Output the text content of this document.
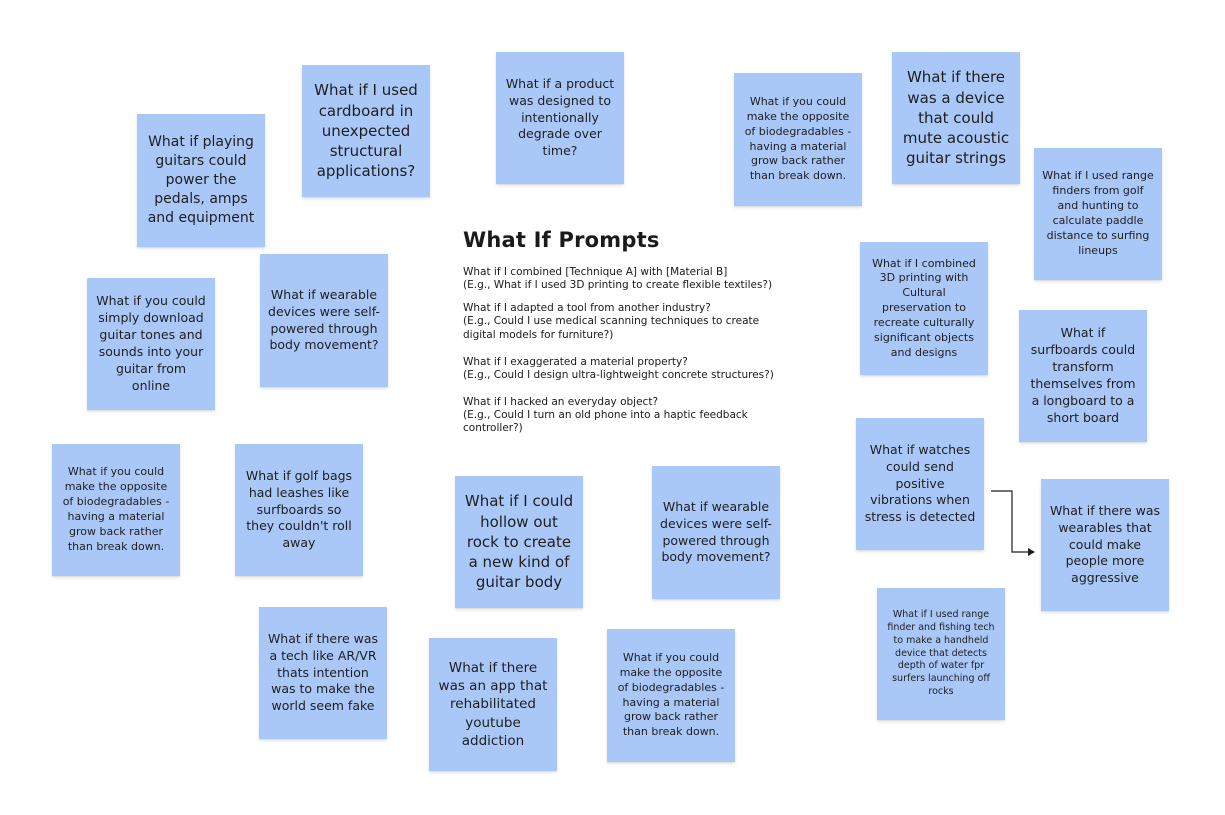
What If Prompts
What if I combined [Technique A] with [Material B]
(E.g., What if I used 3D printing to create flexible textiles?)
What if I adapted a tool from another industry?
(E.g., Could I use medical scanning techniques to create digital models for furniture?)
What if I exaggerated a material property?
(E.g., Could I design ultra-lightweight concrete structures?)
What if I hacked an everyday object?
(E.g., Could I turn an old phone into a haptic feedback controller?)
What if playing guitars could power the pedals, amps and equipment
What if I used cardboard in unexpected structural applications?
What if a product was designed to intentionally degrade over time?
What if you could make the opposite of biodegradables - having a material grow back rather than break down.
What if there was a device that could mute acoustic guitar strings
What if I used range finders from golf and hunting to calculate paddle distance to surfing lineups
What if you could simply download guitar tones and sounds into your guitar from online
What if wearable devices were self-powered through body movement?
What if I combined 3D printing with Cultural preservation to recreate culturally significant objects and designs
What if surfboards could transform themselves from a longboard to a short board
What if you could make the opposite of biodegradables - having a material grow back rather than break down.
What if golf bags had leashes like surfboards so they couldn't roll away
What if I could hollow out rock to create a new kind of guitar body
What if wearable devices were self-powered through body movement?
What if watches could send positive vibrations when stress is detected	What if there was wearables that could make people more aggressive
What if there was a tech like AR/VR thats intention was to make the world seem fake
What if there was an app that rehabilitated youtube addiction
What if you could make the opposite of biodegradables - having a material grow back rather than break down.
What if I used range finder and fishing tech to make a handheld device that detects depth of water fpr surfers launching off rocks
